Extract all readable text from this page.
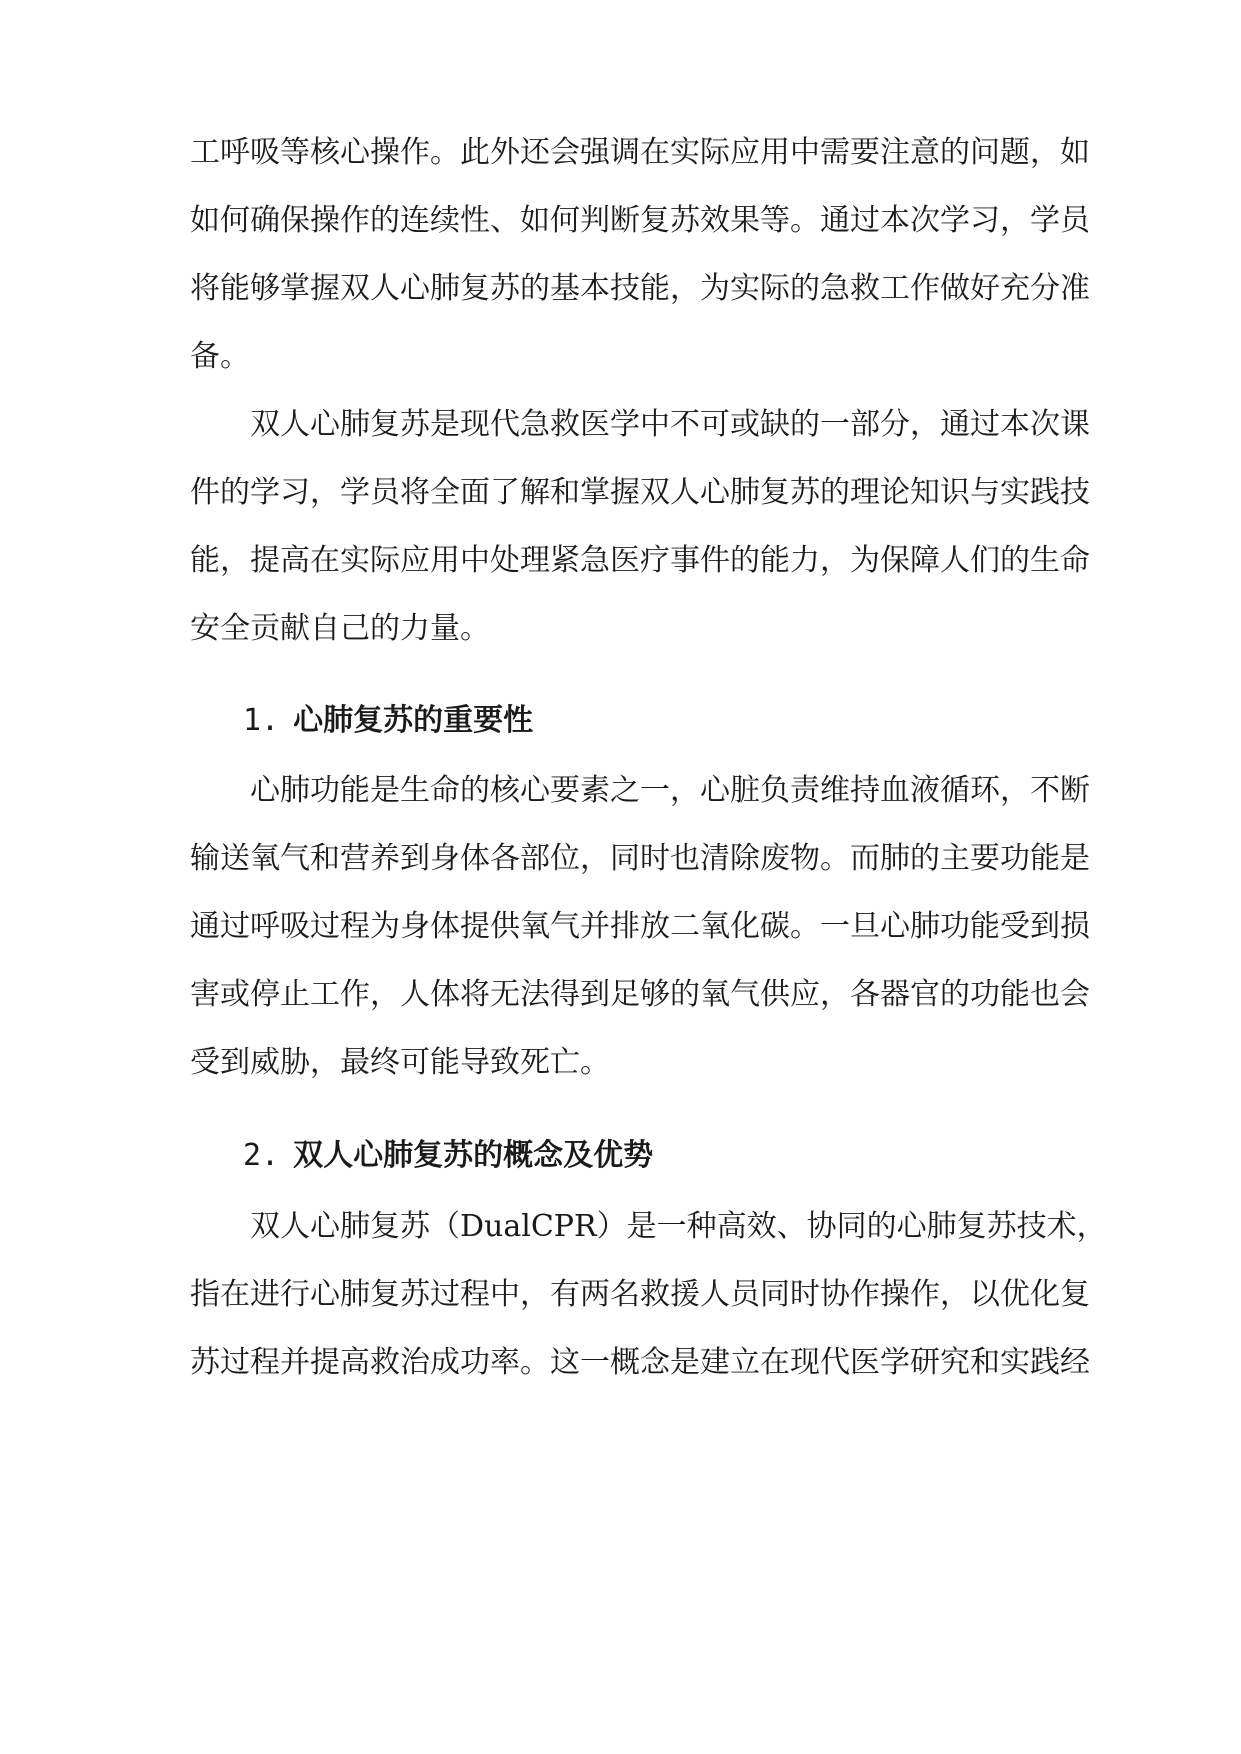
工呼吸等核心操作。此外还会强调在实际应用中需要注意的问题，如
如何确保操作的连续性、如何判断复苏效果等。通过本次学习，学员
将能够掌握双人心肺复苏的基本技能，为实际的急救工作做好充分准
备。
双人心肺复苏是现代急救医学中不可或缺的一部分，通过本次课
件的学习，学员将全面了解和掌握双人心肺复苏的理论知识与实践技
能，提高在实际应用中处理紧急医疗事件的能力，为保障人们的生命
安全贡献自己的力量。
1. 心肺复苏的重要性
心肺功能是生命的核心要素之一，心脏负责维持血液循环，不断
输送氧气和营养到身体各部位，同时也清除废物。而肺的主要功能是
通过呼吸过程为身体提供氧气并排放二氧化碳。一旦心肺功能受到损
害或停止工作，人体将无法得到足够的氧气供应，各器官的功能也会
受到威胁，最终可能导致死亡。
2. 双人心肺复苏的概念及优势
双人心肺复苏（DualCPR）是一种高效、协同的心肺复苏技术，
指在进行心肺复苏过程中，有两名救援人员同时协作操作，以优化复
苏过程并提高救治成功率。这一概念是建立在现代医学研究和实践经
